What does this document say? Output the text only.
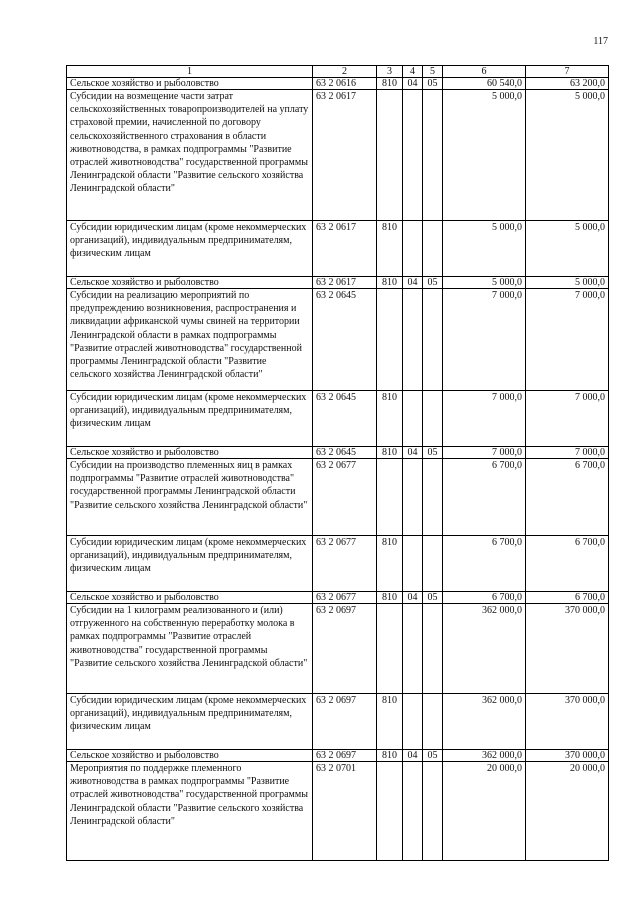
117
1	2	3	4	5	6	7
Сельское хозяйство и рыболовство	63 2 0616	810	04	05	60 540,0	63 200,0
Субсидии на возмещение части затрат сельскохозяйственных товаропроизводителей на уплату страховой премии, начисленной по договору сельскохозяйственного страхования в области животноводства, в рамках подпрограммы "Развитие отраслей животноводства" государственной программы Ленинградской области "Развитие сельского хозяйства Ленинградской области"	63 2 0617				5 000,0	5 000,0
Субсидии юридическим лицам (кроме некоммерческих организаций), индивидуальным предпринимателям, физическим лицам	63 2 0617	810			5 000,0	5 000,0
Сельское хозяйство и рыболовство	63 2 0617	810	04	05	5 000,0	5 000,0
Субсидии на реализацию мероприятий по предупреждению возникновения, распространения и ликвидации африканской чумы свиней на территории Ленинградской области в рамках подпрограммы "Развитие отраслей животноводства" государственной программы Ленинградской области "Развитие сельского хозяйства Ленинградской области"	63 2 0645				7 000,0	7 000,0
Субсидии юридическим лицам (кроме некоммерческих организаций), индивидуальным предпринимателям, физическим лицам	63 2 0645	810			7 000,0	7 000,0
Сельское хозяйство и рыболовство	63 2 0645	810	04	05	7 000,0	7 000,0
Субсидии на производство племенных яиц в рамках подпрограммы "Развитие отраслей животноводства" государственной программы Ленинградской области "Развитие сельского хозяйства Ленинградской области"	63 2 0677				6 700,0	6 700,0
Субсидии юридическим лицам (кроме некоммерческих организаций), индивидуальным предпринимателям, физическим лицам	63 2 0677	810			6 700,0	6 700,0
Сельское хозяйство и рыболовство	63 2 0677	810	04	05	6 700,0	6 700,0
Субсидии на 1 килограмм реализованного и (или) отгруженного на собственную переработку молока в рамках подпрограммы "Развитие отраслей животноводства" государственной программы "Развитие сельского хозяйства Ленинградской области"	63 2 0697				362 000,0	370 000,0
Субсидии юридическим лицам (кроме некоммерческих организаций), индивидуальным предпринимателям, физическим лицам	63 2 0697	810			362 000,0	370 000,0
Сельское хозяйство и рыболовство	63 2 0697	810	04	05	362 000,0	370 000,0
Мероприятия по поддержке племенного животноводства в рамках подпрограммы "Развитие отраслей животноводства" государственной программы Ленинградской области "Развитие сельского хозяйства Ленинградской области"	63 2 0701				20 000,0	20 000,0
